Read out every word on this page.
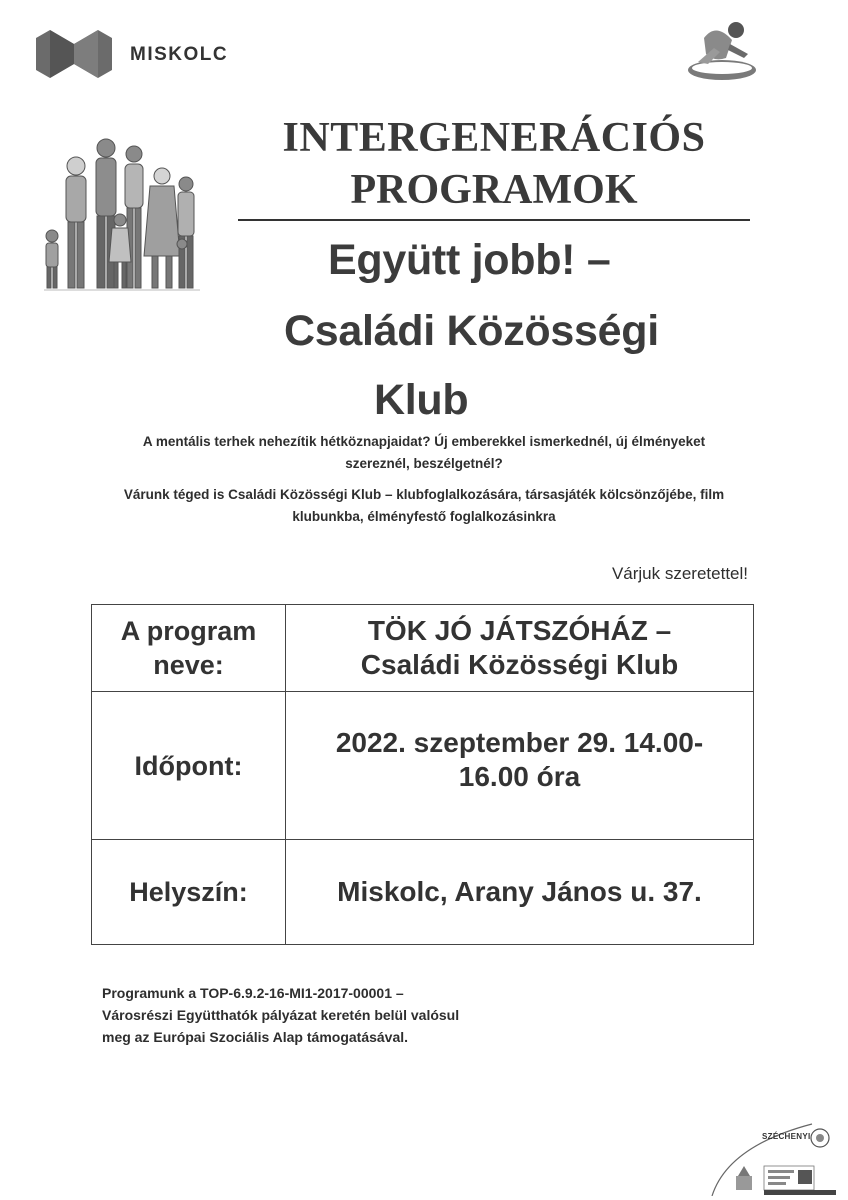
MISKOLC
INTERGENERÁCIÓS
PROGRAMOK
Együtt jobb! –
Családi Közösségi
Klub
A mentális terhek nehezítik hétköznapjaidat? Új emberekkel ismerkednél, új élményeket szereznél, beszélgetnél?
Várunk téged is Családi Közösségi Klub – klubfoglalkozására, társasjáték kölcsönzőjébe, film klubunkba, élményfestő foglalkozásinkra
Várjuk szeretettel!
A program
neve:
TÖK JÓ JÁTSZÓHÁZ –
Családi Közösségi Klub
Időpont:
2022. szeptember 29. 14.00-
16.00 óra
Helyszín:	Miskolc, Arany János u. 37.
Programunk a TOP-6.9.2-16-MI1-2017-00001 –
Városrészi Együtthatók pályázat keretén belül valósul
meg az Európai Szociális Alap támogatásával.
SZÉCHENYI
